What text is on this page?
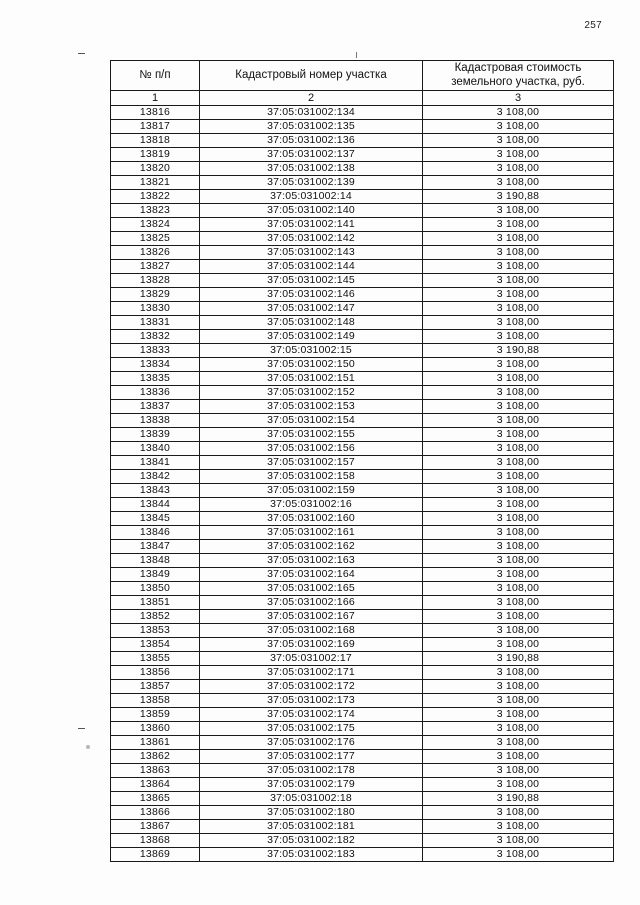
257
№ п/п	Кадастровый номер участка	Кадастровая стоимость земельного участка, руб.
1	2	3
13816	37:05:031002:134	3 108,00
13817	37:05:031002:135	3 108,00
13818	37:05:031002:136	3 108,00
13819	37:05:031002:137	3 108,00
13820	37:05:031002:138	3 108,00
13821	37:05:031002:139	3 108,00
13822	37:05:031002:14	3 190,88
13823	37:05:031002:140	3 108,00
13824	37:05:031002:141	3 108,00
13825	37:05:031002:142	3 108,00
13826	37:05:031002:143	3 108,00
13827	37:05:031002:144	3 108,00
13828	37:05:031002:145	3 108,00
13829	37:05:031002:146	3 108,00
13830	37:05:031002:147	3 108,00
13831	37:05:031002:148	3 108,00
13832	37:05:031002:149	3 108,00
13833	37:05:031002:15	3 190,88
13834	37:05:031002:150	3 108,00
13835	37:05:031002:151	3 108,00
13836	37:05:031002:152	3 108,00
13837	37:05:031002:153	3 108,00
13838	37:05:031002:154	3 108,00
13839	37:05:031002:155	3 108,00
13840	37:05:031002:156	3 108,00
13841	37:05:031002:157	3 108,00
13842	37:05:031002:158	3 108,00
13843	37:05:031002:159	3 108,00
13844	37:05:031002:16	3 108,00
13845	37:05:031002:160	3 108,00
13846	37:05:031002:161	3 108,00
13847	37:05:031002:162	3 108,00
13848	37:05:031002:163	3 108,00
13849	37:05:031002:164	3 108,00
13850	37:05:031002:165	3 108,00
13851	37:05:031002:166	3 108,00
13852	37:05:031002:167	3 108,00
13853	37:05:031002:168	3 108,00
13854	37:05:031002:169	3 108,00
13855	37:05:031002:17	3 190,88
13856	37:05:031002:171	3 108,00
13857	37:05:031002:172	3 108,00
13858	37:05:031002:173	3 108,00
13859	37:05:031002:174	3 108,00
13860	37:05:031002:175	3 108,00
13861	37:05:031002:176	3 108,00
13862	37:05:031002:177	3 108,00
13863	37:05:031002:178	3 108,00
13864	37:05:031002:179	3 108,00
13865	37:05:031002:18	3 190,88
13866	37:05:031002:180	3 108,00
13867	37:05:031002:181	3 108,00
13868	37:05:031002:182	3 108,00
13869	37:05:031002:183	3 108,00
